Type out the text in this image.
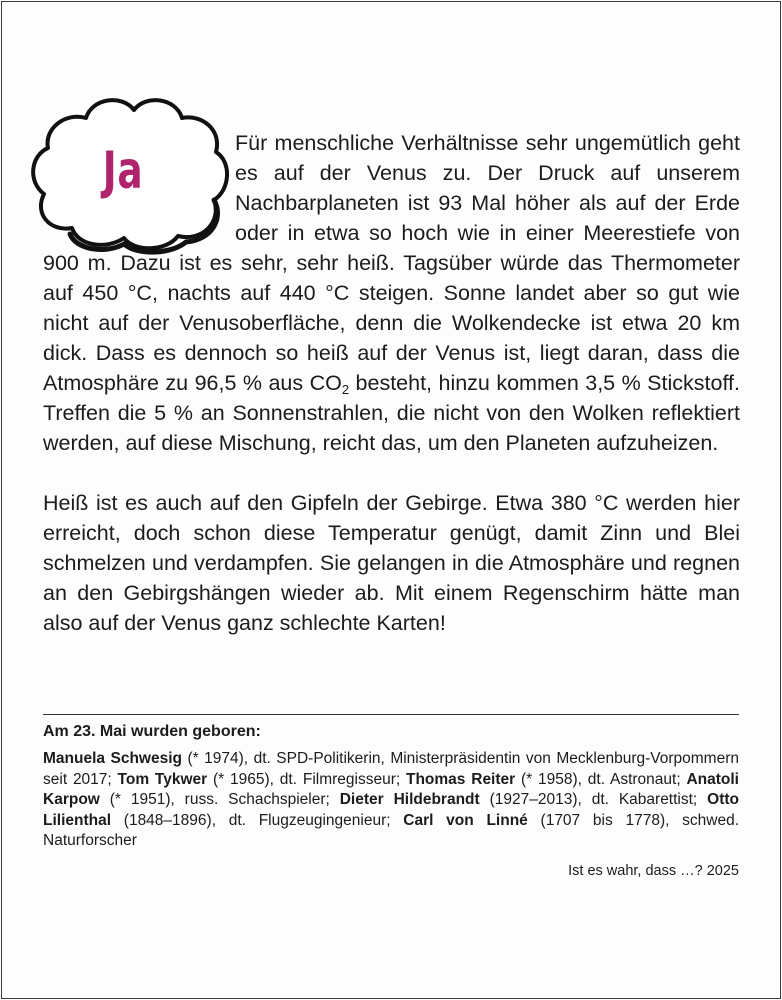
Ja	Für menschliche Verhältnisse sehr ungemütlich geht es auf der Venus zu. Der Druck auf unserem Nachbarplaneten ist 93 Mal höher als auf der Erde oder in etwa so hoch wie in einer Meerestiefe von 900 m. Dazu ist es sehr, sehr heiß. Tagsüber würde das Thermometer auf 450 °C, nachts auf 440 °C steigen. Sonne landet aber so gut wie nicht auf der Venusoberfläche, denn die Wolkendecke ist etwa 20 km dick. Dass es dennoch so heiß auf der Venus ist, liegt daran, dass die Atmosphäre zu 96,5 % aus $CO_2$ besteht, hinzu kommen 3,5 % Stickstoff. Treffen die 5 % an Sonnenstrahlen, die nicht von den Wolken reflektiert werden, auf diese Mischung, reicht das, um den Planeten aufzuheizen.

Heiß ist es auch auf den Gipfeln der Gebirge. Etwa 380 °C werden hier erreicht, doch schon diese Temperatur genügt, damit Zinn und Blei schmelzen und verdampfen. Sie gelangen in die Atmosphäre und regnen an den Gebirgshängen wieder ab. Mit einem Regenschirm hätte man also auf der Venus ganz schlechte Karten!

Am 23. Mai wurden geboren:
Manuela Schwesig (* 1974), dt. SPD-Politikerin, Ministerpräsidentin von Mecklenburg-Vorpommern seit 2017; Tom Tykwer (* 1965), dt. Filmregisseur; Thomas Reiter (* 1958), dt. Astronaut; Anatoli Karpow (* 1951), russ. Schachspieler; Dieter Hildebrandt (1927–2013), dt. Kabarettist; Otto Lilienthal (1848–1896), dt. Flugzeugingenieur; Carl von Linné (1707 bis 1778), schwed. Naturforscher
Ist es wahr, dass …? 2025
